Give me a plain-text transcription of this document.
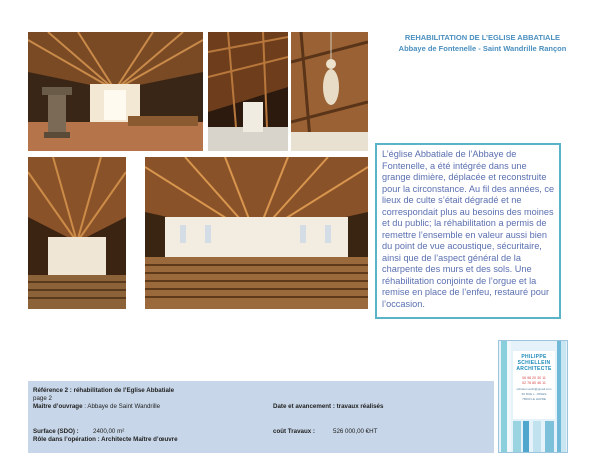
REHABILITATION DE L’EGLISE ABBATIALE
Abbaye de Fontenelle - Saint Wandrille Rançon
L’église Abbatiale de l’Abbaye de Fontenelle, a été intégrée dans une grange dimière, déplacée et reconstruite pour la circonstance. Au fil des années, ce lieux de culte s’était dégradé et ne correspondait plus au besoins des moines et du public; la réhabilitation a permis de remettre l’ensemble en valeur aussi bien du point de vue acoustique, sécuritaire, ainsi que de l’aspect général de la charpente des murs et des sols. Une réhabilitation conjointe de l’orgue et la remise en place de l’enfeu, restauré pour l’occasion.
PHILIPPE
SCHIELLEIN
ARCHITECTE
06 98 20 30 11
02 76 80 46 11
schielen.archi@gmail.com
60 RUE L. JONES
76600 LE HAVRE
Référence 2 : réhabilitation de l’Eglise Abbatiale
page 2
Maître d’ouvrage : Abbaye de Saint Wandrille	Date et avancement : travaux réalisés
Surface (SDO) : 2400,00 m²	coût Travaux :	526 000,00 €HT
Rôle dans l’opération : Architecte Maître d’œuvre
